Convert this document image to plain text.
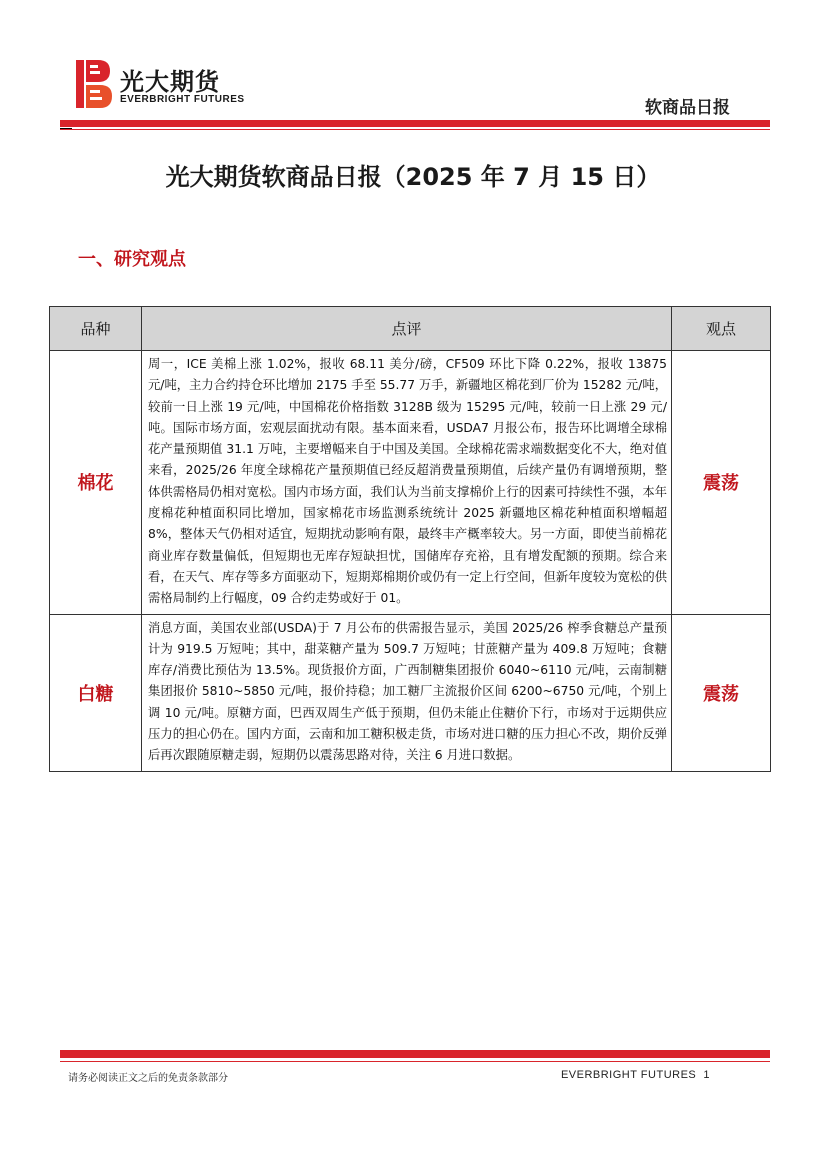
光大期货
EVERBRIGHT FUTURES	软商品日报
光大期货软商品日报（2025 年 7 月 15 日）
一、研究观点
品种	点评	观点
棉花	周一，ICE 美棉上涨 1.02%，报收 68.11 美分/磅，CF509 环比下降 0.22%，报收 13875 元/吨，主力合约持仓环比增加 2175 手至 55.77 万手，新疆地区棉花到厂价为 15282 元/吨，较前一日上涨 19 元/吨，中国棉花价格指数 3128B 级为 15295 元/吨，较前一日上涨 29 元/吨。国际市场方面，宏观层面扰动有限。基本面来看，USDA7 月报公布，报告环比调增全球棉花产量预期值 31.1 万吨，主要增幅来自于中国及美国。全球棉花需求端数据变化不大，绝对值来看，2025/26 年度全球棉花产量预期值已经反超消费量预期值，后续产量仍有调增预期，整体供需格局仍相对宽松。国内市场方面，我们认为当前支撑棉价上行的因素可持续性不强，本年度棉花种植面积同比增加，国家棉花市场监测系统统计 2025 新疆地区棉花种植面积增幅超 8%，整体天气仍相对适宜，短期扰动影响有限，最终丰产概率较大。另一方面，即使当前棉花商业库存数量偏低，但短期也无库存短缺担忧，国储库存充裕，且有增发配额的预期。综合来看，在天气、库存等多方面驱动下，短期郑棉期价或仍有一定上行空间，但新年度较为宽松的供需格局制约上行幅度，09 合约走势或好于 01。	震荡
白糖	消息方面，美国农业部(USDA)于 7 月公布的供需报告显示，美国 2025/26 榨季食糖总产量预计为 919.5 万短吨；其中，甜菜糖产量为 509.7 万短吨；甘蔗糖产量为 409.8 万短吨；食糖库存/消费比预估为 13.5%。现货报价方面，广西制糖集团报价 6040~6110 元/吨，云南制糖集团报价 5810~5850 元/吨，报价持稳；加工糖厂主流报价区间 6200~6750 元/吨，个别上调 10 元/吨。原糖方面，巴西双周生产低于预期，但仍未能止住糖价下行，市场对于远期供应压力的担心仍在。国内方面，云南和加工糖积极走货，市场对进口糖的压力担心不改，期价反弹后再次跟随原糖走弱，短期仍以震荡思路对待，关注 6 月进口数据。	震荡
请务必阅读正文之后的免责条款部分	EVERBRIGHT FUTURES 1
